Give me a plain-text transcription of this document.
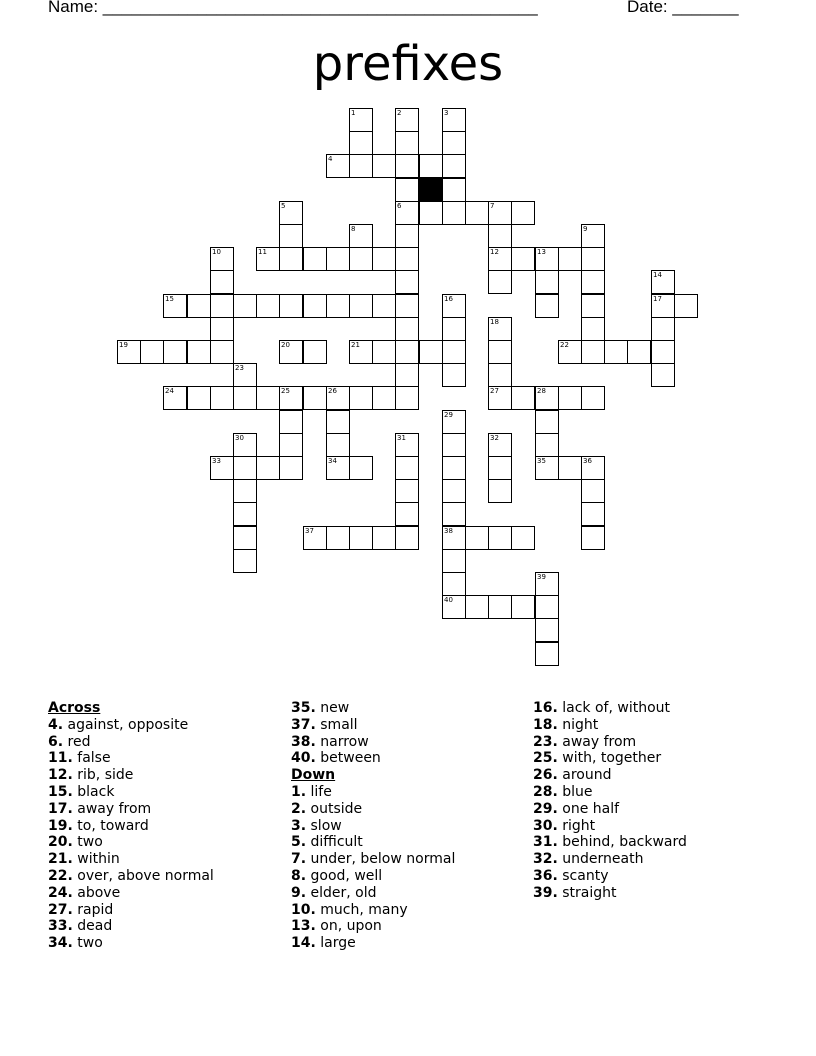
Name: ______________________________________________	Date: _______
prefixes
1	2	3
4
5	6	7
8	9
10	11	12	13
14
15	16	17
18
19	20	21	22
23
24	25	26	27	28
29
30	31	32
33	34	35	36
37	38
39
40
Across
4. against, opposite
6. red
11. false
12. rib, side
15. black
17. away from
19. to, toward
20. two
21. within
22. over, above normal
24. above
27. rapid
33. dead
34. two
35. new
37. small
38. narrow
40. between
Down
1. life
2. outside
3. slow
5. difficult
7. under, below normal
8. good, well
9. elder, old
10. much, many
13. on, upon
14. large
16. lack of, without
18. night
23. away from
25. with, together
26. around
28. blue
29. one half
30. right
31. behind, backward
32. underneath
36. scanty
39. straight
